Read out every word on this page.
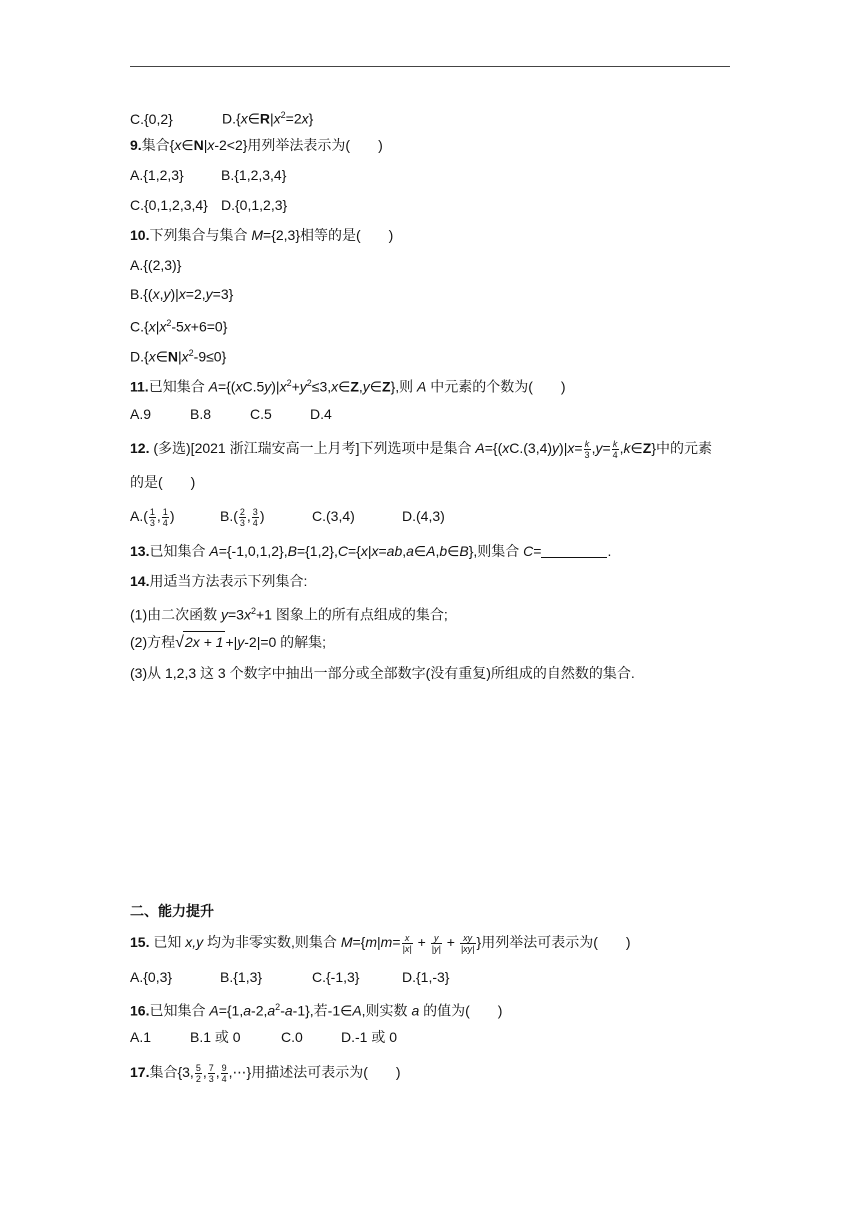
C.{0,2}	$D.\{x\in R|x^2=2x\}$
9.集合{x∈N|x-2<2}用列举法表示为(　　)
A.{1,2,3}	B.{1,2,3,4}
C.{0,1,2,3,4} D.{0,1,2,3}
10.下列集合与集合 M={2,3}相等的是(　　)
A.{(2,3)}
B.{(x,y)|x=2,y=3}
$C.\{x|x^2-5x+6=0\}$
$D.\{x\in N|x^2-9\le 0\}$
11.已知集合 $A=\{(xC.5y)|x^2+y^2\le 3,x\in Z,y\in Z\}$,则 A 中元素的个数为(　　)
A.9	B.8	C.5	D.4
12. (多选)[2021 浙江瑞安高一上月考]下列选项中是集合 $A=\{(xC.(3,4)y)|x= \frac{k}{3} ,y= \frac{k}{4}$ ,k∈Z}中的元素
的是(　　)
$A.( \frac{1}{3}$ , $\frac{1}{4}$ )	$B.( \frac{2}{3}$ , $\frac{3}{4}$ )	C.(3,4)	D.(4,3)
13.已知集合 A={-1,0,1,2},B={1,2},C={x|x=ab,a∈A,b∈B},则集合 C=	.
14.用适当方法表示下列集合:
(1)由二次函数 $y=3x^2+1$ 图象上的所有点组成的集合;
(2)方程√2x + 1 +|y-2|=0 的解集;
(3)从 1,2,3 这 3 个数字中抽出一部分或全部数字(没有重复)所组成的自然数的集合.
二、能力提升
15. 已知 x,y 均为非零实数,则集合 $M=\{m|m= \frac{x}{|x|} + \frac{y}{|y|} + \frac{xy}{|xy|}$ }用列举法可表示为(　　)
A.{0,3}	B.{1,3}	C.{-1,3}	D.{1,-3}
16.已知集合 $A=\{1,a-2,a^2-a-1\}$,若-1∈A,则实数 a 的值为(　　)
A.1	B.1 或 0	C.0	D.-1 或 0
17.集合{3, $\frac{5}{2}$ , $\frac{7}{3}$ , $\frac{9}{4}$ ,⋯}用描述法可表示为(　　)
